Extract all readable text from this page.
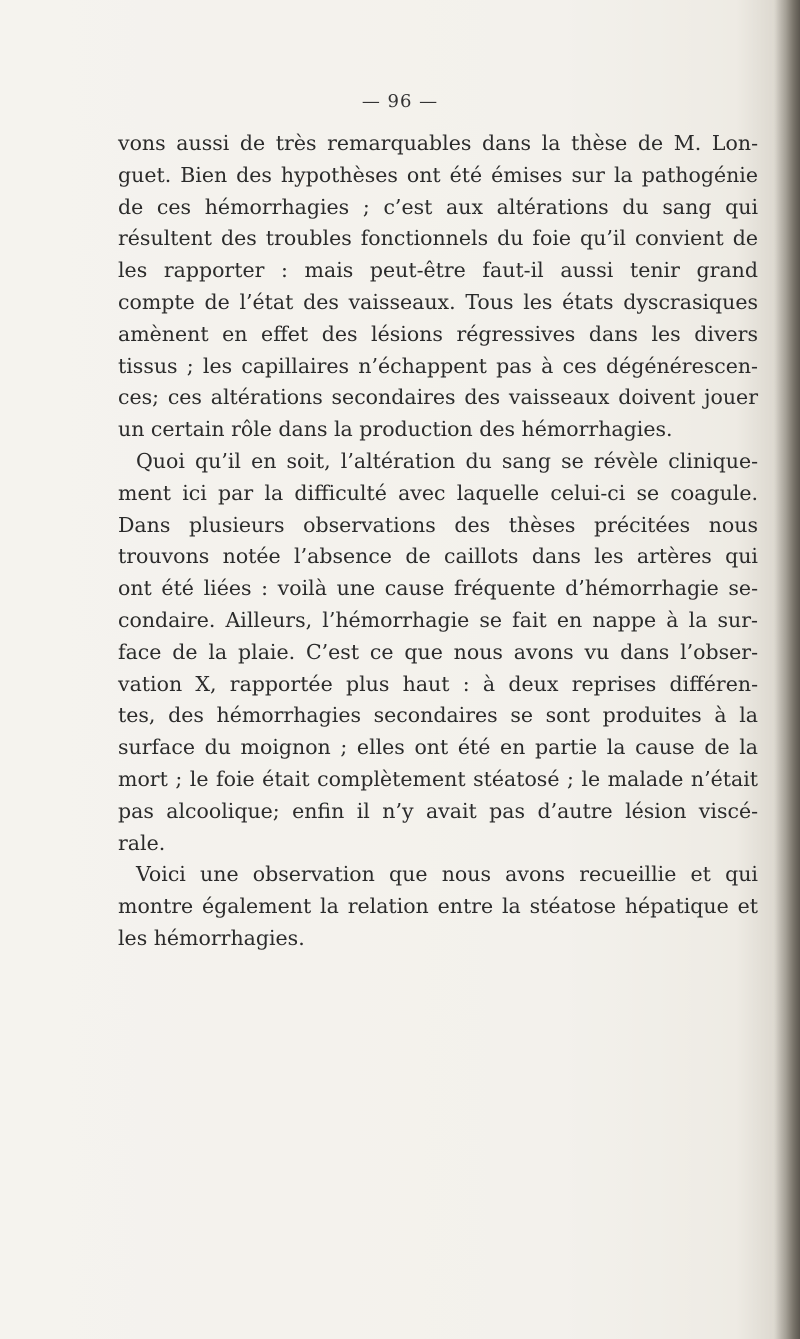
— 96 —
vons aussi de très remarquables dans la thèse de M. Lon-
guet. Bien des hypothèses ont été émises sur la pathogénie
de ces hémorrhagies ; c’est aux altérations du sang qui
résultent des troubles fonctionnels du foie qu’il convient de
les rapporter : mais peut-être faut-il aussi tenir grand
compte de l’état des vaisseaux. Tous les états dyscrasiques
amènent en effet des lésions régressives dans les divers
tissus ; les capillaires n’échappent pas à ces dégénérescen-
ces; ces altérations secondaires des vaisseaux doivent jouer
un certain rôle dans la production des hémorrhagies.
Quoi qu’il en soit, l’altération du sang se révèle clinique-
ment ici par la difficulté avec laquelle celui-ci se coagule.
Dans plusieurs observations des thèses précitées nous
trouvons notée l’absence de caillots dans les artères qui
ont été liées : voilà une cause fréquente d’hémorrhagie se-
condaire. Ailleurs, l’hémorrhagie se fait en nappe à la sur-
face de la plaie. C’est ce que nous avons vu dans l’obser-
vation X, rapportée plus haut : à deux reprises différen-
tes, des hémorrhagies secondaires se sont produites à la
surface du moignon ; elles ont été en partie la cause de la
mort ; le foie était complètement stéatosé ; le malade n’était
pas alcoolique; enfin il n’y avait pas d’autre lésion viscé-
rale.
Voici une observation que nous avons recueillie et qui
montre également la relation entre la stéatose hépatique et
les hémorrhagies.
